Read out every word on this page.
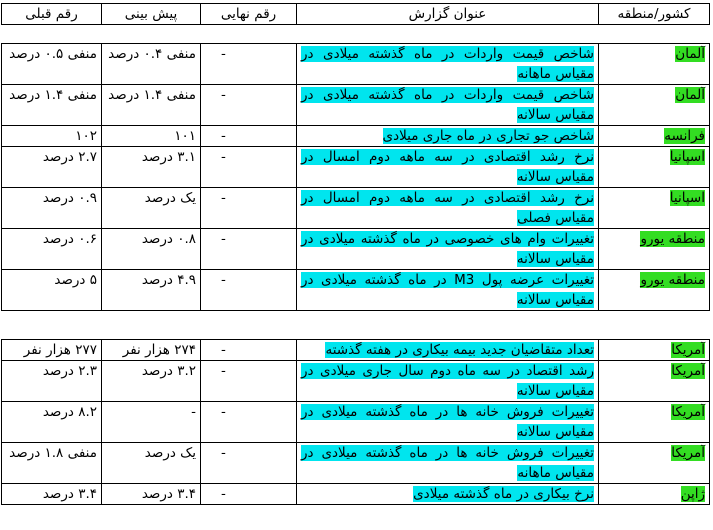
کشور/منطقه	عنوان گزارش	رقم نهایی	پیش بینی	رقم قبلی
آلمان	شاخص قیمت واردات در ماه گذشته میلادی در مقیاس ماهانه	-	منفی ۰.۴ درصد	منفی ۰.۵ درصد
آلمان	شاخص قیمت واردات در ماه گذشته میلادی در مقیاس سالانه	-	منفی ۱.۴ درصد	منفی ۱.۴ درصد
فرانسه	شاخص جو تجاری در ماه جاری میلادی	-	۱۰۱	۱۰۲
اسپانیا	نرخ رشد اقتصادی در سه ماهه دوم امسال در مقیاس سالانه	-	۳.۱ درصد	۲.۷ درصد
اسپانیا	نرخ رشد اقتصادی در سه ماهه دوم امسال در مقیاس فصلی	-	یک درصد	۰.۹ درصد
منطقه یورو	تغییرات وام های خصوصی در ماه گذشته میلادی در مقیاس سالانه	-	۰.۸ درصد	۰.۶ درصد
منطقه یورو	تغییرات عرضه پول M3 در ماه گذشته میلادی در مقیاس سالانه	-	۴.۹ درصد	۵ درصد
آمریکا	تعداد متقاضیان جدید بیمه بیکاری در هفته گذشته	-	۲۷۴ هزار نفر	۲۷۷ هزار نفر
آمریکا	رشد اقتصاد در سه ماه دوم سال جاری میلادی در مقیاس سالانه	-	۳.۲ درصد	۲.۳ درصد
آمریکا	تغییرات فروش خانه ها در ماه گذشته میلادی در مقیاس سالانه	-	-	۸.۲ درصد
آمریکا	تغییرات فروش خانه ها در ماه گذشته میلادی در مقیاس ماهانه	-	یک درصد	منفی ۱.۸ درصد
ژاپن	نرخ بیکاری در ماه گذشته میلادی	-	۳.۴ درصد	۳.۴ درصد
